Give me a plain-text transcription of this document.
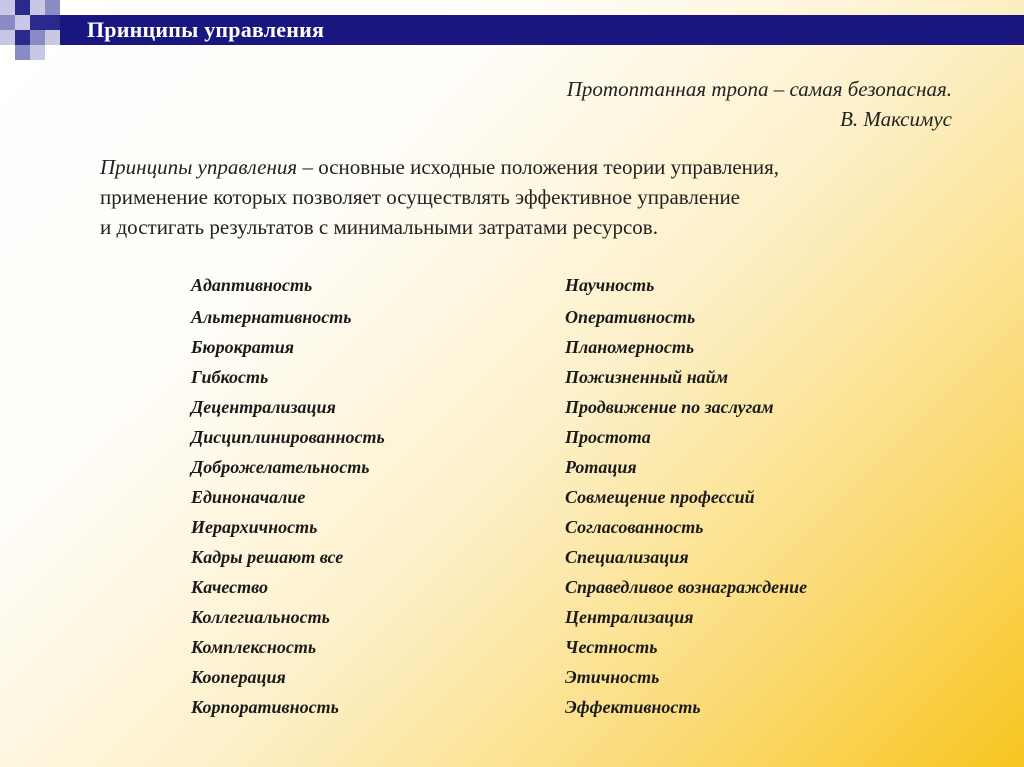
Принципы управления
Протоптанная тропа – самая безопасная.
В. Максимус
Принципы управления – основные исходные положения теории управления,
применение которых позволяет осуществлять эффективное управление
и достигать результатов с минимальными затратами ресурсов.
Адаптивность
Альтернативность
Бюрократия
Гибкость
Децентрализация
Дисциплинированность
Доброжелательность
Единоначалие
Иерархичность
Кадры решают все
Качество
Коллегиальность
Комплексность
Кооперация
Корпоративность
Научность
Оперативность
Планомерность
Пожизненный найм
Продвижение по заслугам
Простота
Ротация
Совмещение профессий
Согласованность
Специализация
Справедливое вознаграждение
Централизация
Честность
Этичность
Эффективность
